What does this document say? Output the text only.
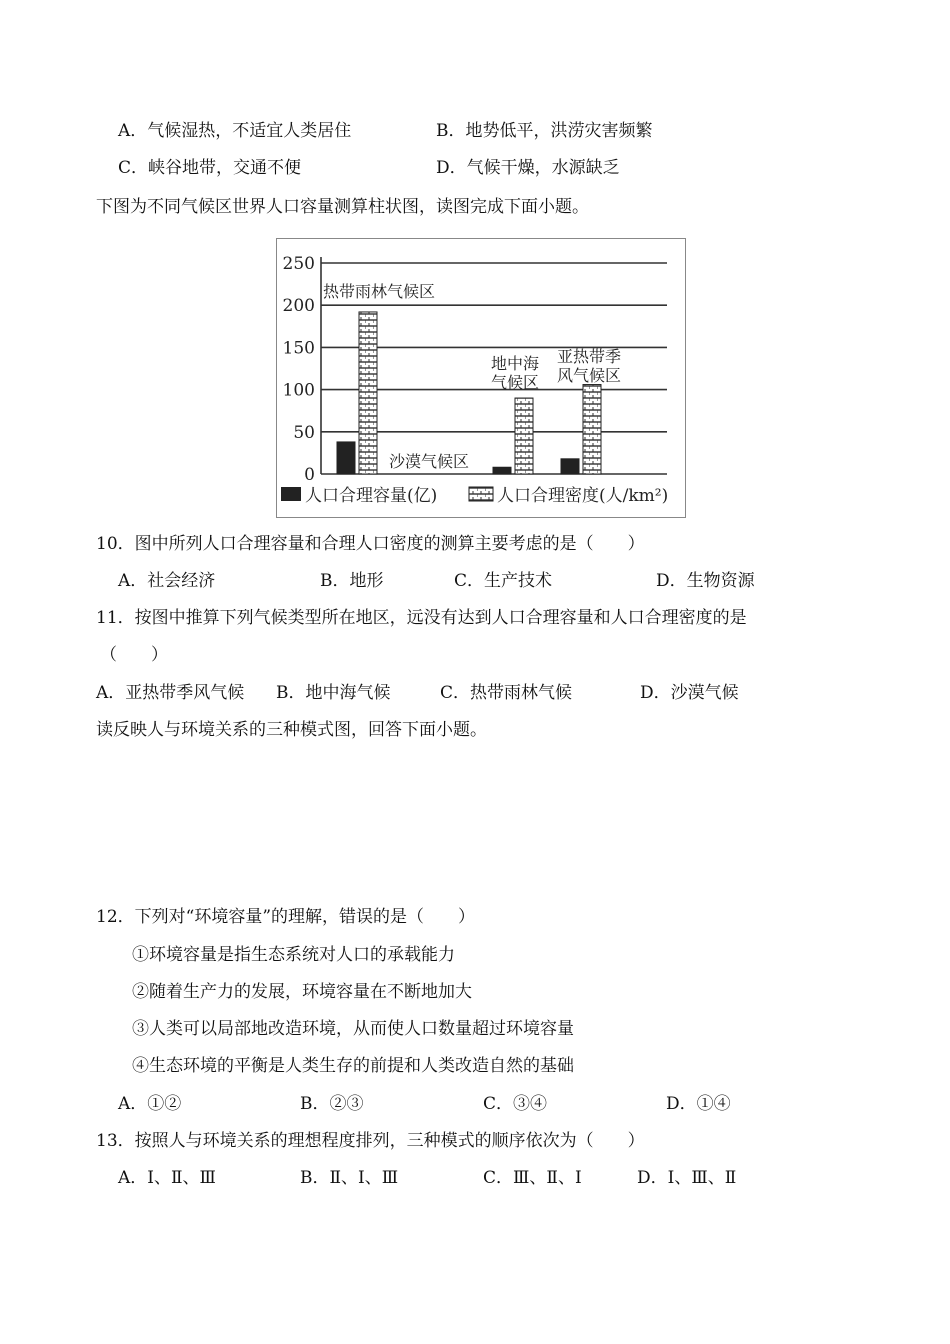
A．气候湿热，不适宜人类居住	B．地势低平，洪涝灾害频繁
C．峡谷地带，交通不便	D．气候干燥，水源缺乏
下图为不同气候区世界人口容量测算柱状图，读图完成下面小题。
250
200
150
100
50
0
热带雨林气候区
沙漠气候区
地中海
气候区
亚热带季
风气候区
人口合理容量(亿)	人口合理密度(人/km²)
10．图中所列人口合理容量和合理人口密度的测算主要考虑的是（　　）
A．社会经济	B．地形	C．生产技术	D．生物资源
11．按图中推算下列气候类型所在地区，远没有达到人口合理容量和人口合理密度的是
（　　）
A．亚热带季风气候 B．地中海气候	C．热带雨林气候	D．沙漠气候
读反映人与环境关系的三种模式图，回答下面小题。
12．下列对“环境容量”的理解，错误的是（　　）
①环境容量是指生态系统对人口的承载能力
②随着生产力的发展，环境容量在不断地加大
③人类可以局部地改造环境，从而使人口数量超过环境容量
④生态环境的平衡是人类生存的前提和人类改造自然的基础
A．①②	B．②③	C．③④	D．①④
13．按照人与环境关系的理想程度排列，三种模式的顺序依次为（　　）
A．Ⅰ、Ⅱ、Ⅲ	B．Ⅱ、Ⅰ、Ⅲ	C．Ⅲ、Ⅱ、Ⅰ	D．Ⅰ、Ⅲ、Ⅱ
